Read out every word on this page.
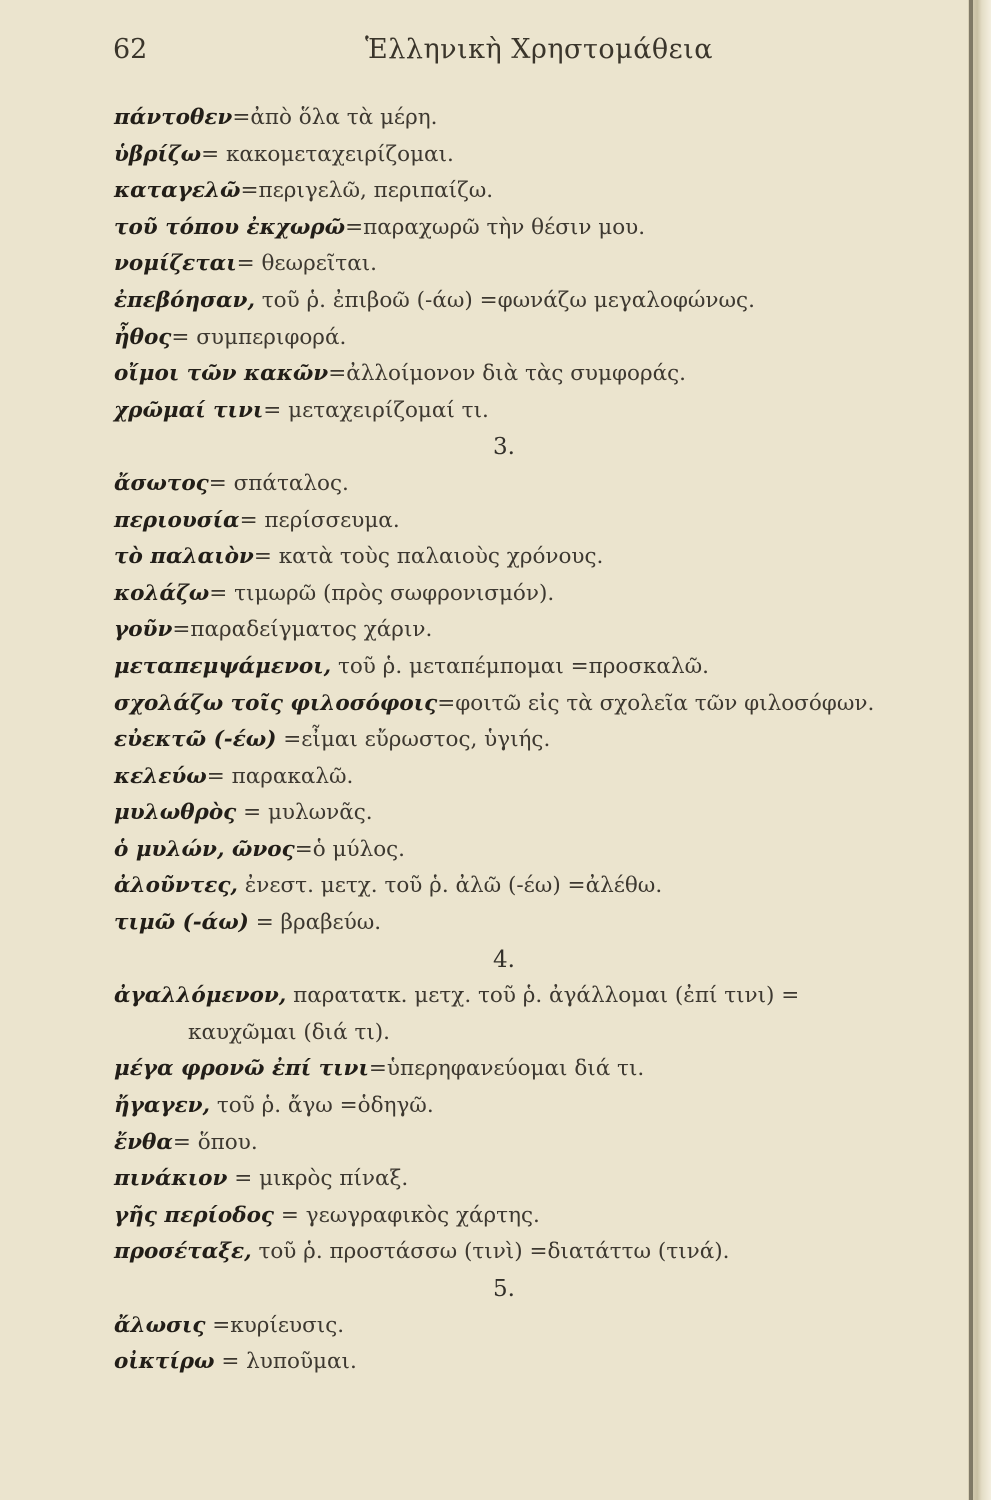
62	Ἑλληνικὴ Χρηστομάθεια
πάντοθεν=ἀπὸ ὅλα τὰ μέρη.
ὑβρίζω= κακομεταχειρίζομαι.
καταγελῶ=περιγελῶ, περιπαίζω.
τοῦ τόπου ἐκχωρῶ=παραχωρῶ τὴν θέσιν μου.
νομίζεται= θεωρεῖται.
ἐπεβόησαν, τοῦ ῥ. ἐπιβοῶ (-άω) =φωνάζω μεγαλοφώνως.
ἦθος= συμπεριφορά.
οἴμοι τῶν κακῶν=ἀλλοίμονον διὰ τὰς συμφοράς.
χρῶμαί τινι= μεταχειρίζομαί τι.
3.
ἄσωτος= σπάταλος.
περιουσία= περίσσευμα.
τὸ παλαιὸν= κατὰ τοὺς παλαιοὺς χρόνους.
κολάζω= τιμωρῶ (πρὸς σωφρονισμόν).
γοῦν=παραδείγματος χάριν.
μεταπεμψάμενοι, τοῦ ῥ. μεταπέμπομαι =προσκαλῶ.
σχολάζω τοῖς φιλοσόφοις=φοιτῶ εἰς τὰ σχολεῖα τῶν φιλοσόφων.
εὐεκτῶ (-έω) =εἶμαι εὔρωστος, ὑγιής.
κελεύω= παρακαλῶ.
μυλωθρὸς = μυλωνᾶς.
ὁ μυλών, ῶνος=ὁ μύλος.
ἀλοῦντες, ἐνεστ. μετχ. τοῦ ῥ. ἀλῶ (-έω) =ἀλέθω.
τιμῶ (-άω) = βραβεύω.
4.
ἀγαλλόμενον, παρατατκ. μετχ. τοῦ ῥ. ἀγάλλομαι (ἐπί τινι) =
καυχῶμαι (διά τι).
μέγα φρονῶ ἐπί τινι=ὑπερηφανεύομαι διά τι.
ἤγαγεν, τοῦ ῥ. ἄγω =ὁδηγῶ.
ἔνθα= ὅπου.
πινάκιον = μικρὸς πίναξ.
γῆς περίοδος = γεωγραφικὸς χάρτης.
προσέταξε, τοῦ ῥ. προστάσσω (τινὶ) =διατάττω (τινά).
5.
ἄλωσις =κυρίευσις.
οἰκτίρω = λυποῦμαι.
